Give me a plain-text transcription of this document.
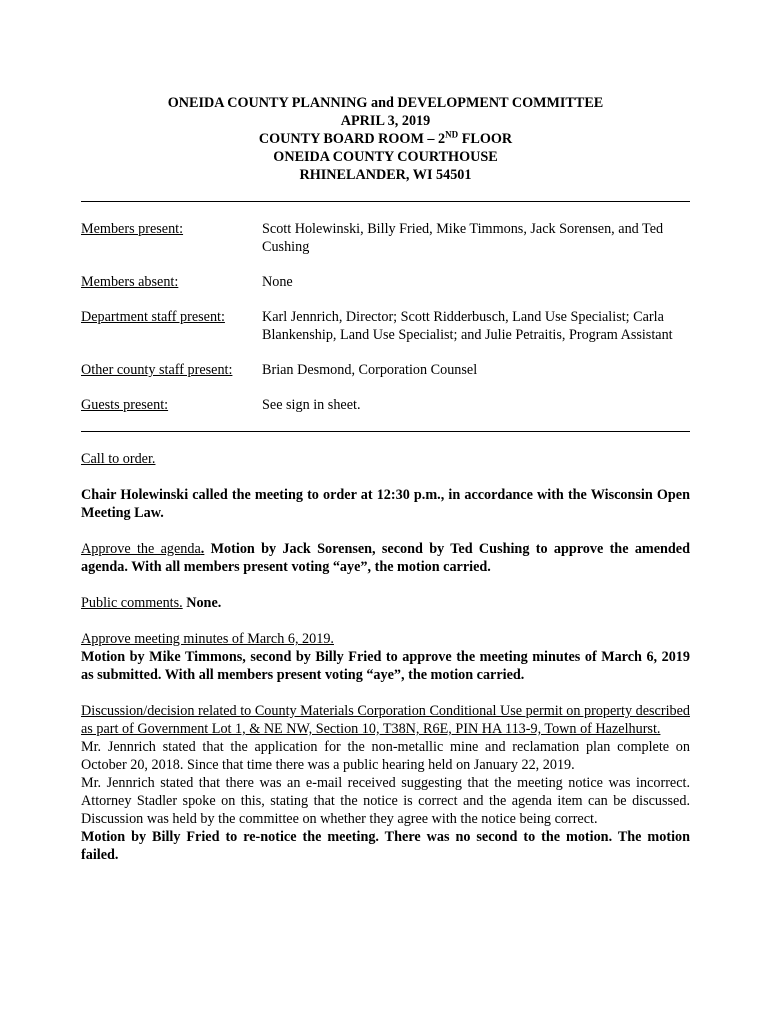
ONEIDA COUNTY PLANNING and DEVELOPMENT COMMITTEE
APRIL 3, 2019
COUNTY BOARD ROOM – 2ND FLOOR
ONEIDA COUNTY COURTHOUSE
RHINELANDER, WI 54501
Members present:	Scott Holewinski, Billy Fried, Mike Timmons, Jack Sorensen, and Ted Cushing
Members absent:	None
Department staff present:	Karl Jennrich, Director; Scott Ridderbusch, Land Use Specialist; Carla Blankenship, Land Use Specialist; and Julie Petraitis, Program Assistant
Other county staff present:	Brian Desmond, Corporation Counsel
Guests present:	See sign in sheet.

Call to order.

Chair Holewinski called the meeting to order at 12:30 p.m., in accordance with the Wisconsin Open Meeting Law.

Approve the agenda. Motion by Jack Sorensen, second by Ted Cushing to approve the amended agenda. With all members present voting “aye”, the motion carried.

Public comments. None.

Approve meeting minutes of March 6, 2019.

Motion by Mike Timmons, second by Billy Fried to approve the meeting minutes of March 6, 2019 as submitted. With all members present voting “aye”, the motion carried.

Discussion/decision related to County Materials Corporation Conditional Use permit on property described as part of Government Lot 1, & NE NW, Section 10, T38N, R6E, PIN HA 113-9, Town of Hazelhurst.

Mr. Jennrich stated that the application for the non-metallic mine and reclamation plan complete on October 20, 2018. Since that time there was a public hearing held on January 22, 2019.

Mr. Jennrich stated that there was an e-mail received suggesting that the meeting notice was incorrect. Attorney Stadler spoke on this, stating that the notice is correct and the agenda item can be discussed. Discussion was held by the committee on whether they agree with the notice being correct.

Motion by Billy Fried to re-notice the meeting. There was no second to the motion. The motion failed.
